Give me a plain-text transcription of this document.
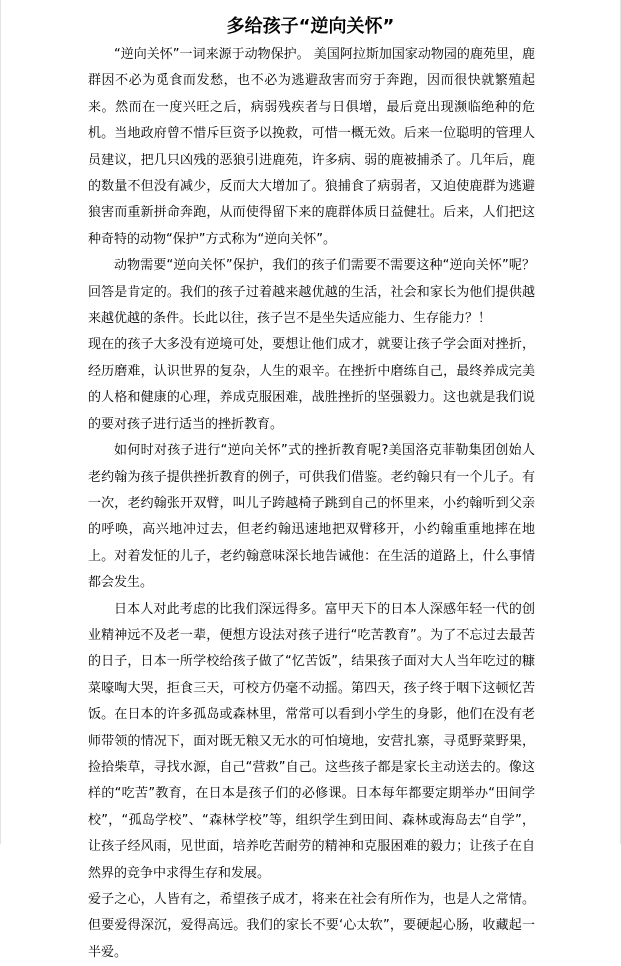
多给孩子“逆向关怀”

“逆向关怀”一词来源于动物保护。 美国阿拉斯加国家动物园的鹿苑里，鹿群因不必为觅食而发愁，也不必为逃避敌害而穷于奔跑，因而很快就繁殖起来。然而在一度兴旺之后，病弱残疾者与日俱增，最后竟出现濒临绝种的危机。当地政府曾不惜斥巨资予以挽救，可惜一概无效。后来一位聪明的管理人员建议，把几只凶残的恶狼引进鹿苑，许多病、弱的鹿被捕杀了。几年后，鹿的数量不但没有减少，反而大大增加了。狼捕食了病弱者，又迫使鹿群为逃避狼害而重新拼命奔跑，从而使得留下来的鹿群体质日益健壮。后来，人们把这种奇特的动物“保护”方式称为“逆向关怀”。

动物需要“逆向关怀”保护，我们的孩子们需要不需要这种“逆向关怀”呢？回答是肯定的。我们的孩子过着越来越优越的生活，社会和家长为他们提供越来越优越的条件。长此以往，孩子岂不是坐失适应能力、生存能力？！

现在的孩子大多没有逆境可处，要想让他们成才，就要让孩子学会面对挫折，经历磨难，认识世界的复杂，人生的艰辛。在挫折中磨练自己，最终养成完美的人格和健康的心理，养成克服困难，战胜挫折的坚强毅力。这也就是我们说的要对孩子进行适当的挫折教育。

如何时对孩子进行“逆向关怀”式的挫折教育呢?美国洛克菲勒集团创始人老约翰为孩子提供挫折教育的例子，可供我们借鉴。老约翰只有一个儿子。有一次，老约翰张开双臂，叫儿子跨越椅子跳到自己的怀里来，小约翰听到父亲的呼唤，高兴地冲过去，但老约翰迅速地把双臂移开，小约翰重重地摔在地上。对着发怔的儿子，老约翰意味深长地告诫他：在生活的道路上，什么事情都会发生。

日本人对此考虑的比我们深远得多。富甲天下的日本人深感年轻一代的创业精神远不及老一辈，便想方设法对孩子进行“吃苦教育”。为了不忘过去最苦的日子，日本一所学校给孩子做了“忆苦饭”，结果孩子面对大人当年吃过的糠菜嚎啕大哭，拒食三天，可校方仍毫不动摇。第四天，孩子终于咽下这顿忆苦饭。在日本的许多孤岛或森林里，常常可以看到小学生的身影，他们在没有老师带领的情况下，面对既无粮又无水的可怕境地，安营扎寨，寻觅野菜野果，捡拾柴草，寻找水源，自己“营救”自己。这些孩子都是家长主动送去的。像这样的“吃苦”教育，在日本是孩子们的必修课。日本每年都要定期举办“田间学校”，“孤岛学校”、“森林学校”等，组织学生到田间、森林或海岛去“自学”，让孩子经风雨，见世面，培养吃苦耐劳的精神和克服困难的毅力；让孩子在自然界的竞争中求得生存和发展。

爱子之心，人皆有之，希望孩子成才，将来在社会有所作为，也是人之常情。但要爱得深沉，爱得高远。我们的家长不要‘心太软”，要硬起心肠，收藏起一半爱。
